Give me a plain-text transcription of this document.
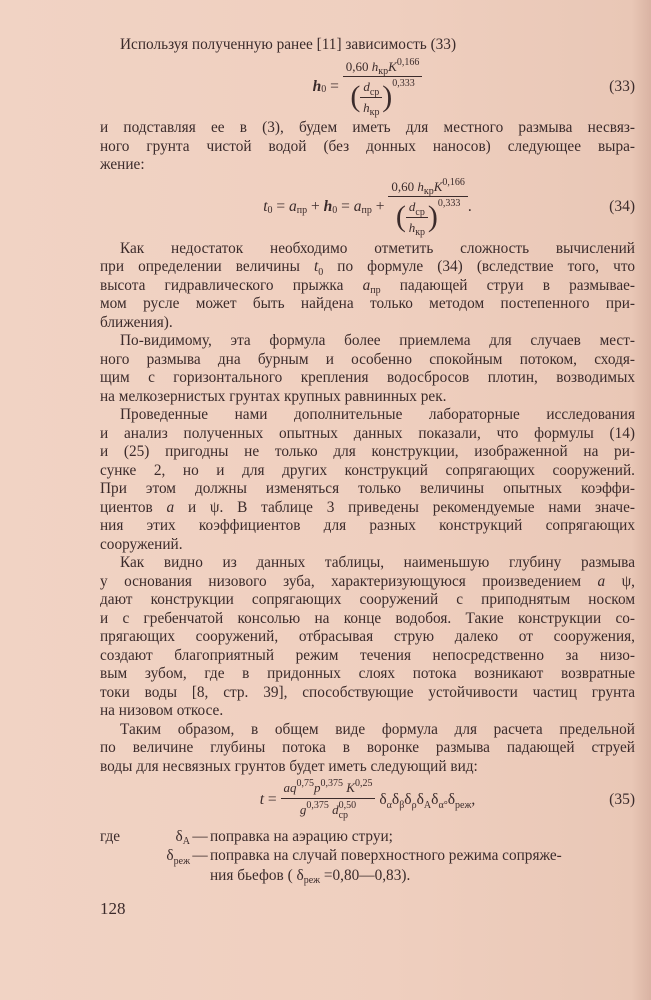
Используя полученную ранее [11] зависимость (33)
$h_0 = \frac{0,60 h_{кр}K^{0,166}}{( \frac{d_{ср}}{h_{кр}} ) 0,333}$	(33)
и подставляя ее в (3), будем иметь для местного размыва несвяз-
ного грунта чистой водой (без донных наносов) следующее выра-
жение:
$t_0 = a_{пр} + h_0 = a_{пр} + \frac{0,60 h_{кр}K^{0,166}}{( \frac{d_{ср}}{h_{кр}} ) 0,333}$ .	(34)
Как недостаток необходимо отметить сложность вычислений
при определении величины $t_0$ по формуле (34) (вследствие того, что
высота гидравлического прыжка $a_{пр}$ падающей струи в размывае-
мом русле может быть найдена только методом постепенного при-
ближения).
По-видимому, эта формула более приемлема для случаев мест-
ного размыва дна бурным и особенно спокойным потоком, сходя-
щим с горизонтального крепления водосбросов плотин, возводимых
на мелкозернистых грунтах крупных равнинных рек.
Проведенные нами дополнительные лабораторные исследования
и анализ полученных опытных данных показали, что формулы (14)
и (25) пригодны не только для конструкции, изображенной на ри-
сунке 2, но и для других конструкций сопрягающих сооружений.
При этом должны изменяться только величины опытных коэффи-
циентов a и ψ. В таблице 3 приведены рекомендуемые нами значе-
ния этих коэффициентов для разных конструкций сопрягающих
сооружений.
Как видно из данных таблицы, наименьшую глубину размыва
у основания низового зуба, характеризующуюся произведением a ψ,
дают конструкции сопрягающих сооружений с приподнятым носком
и с гребенчатой консолью на конце водобоя. Такие конструкции со-
прягающих сооружений, отбрасывая струю далеко от сооружения,
создают благоприятный режим течения непосредственно за низо-
вым зубом, где в придонных слоях потока возникают возвратные
токи воды [8, стр. 39], способствующие устойчивости частиц грунта
на низовом откосе.
Таким образом, в общем виде формула для расчета предельной
по величине глубины потока в воронке размыва падающей струей
воды для несвязных грунтов будет иметь следующий вид:
$t = aq^{0,75}p^{0,375}$ K$^{0,25}$
$g^{0,375}$ d 0,50
ср
$\delta_\alpha\delta_\beta\delta_\rho\delta_A\delta_{\alpha^\circ}\delta_{реж}$ ,	(35)
где	$\delta_A$ — поправка на аэрацию струи;
$\delta_{реж}$ — поправка на случай поверхностного режима сопряже-
ния бьефов ( $\delta_{реж}$ =0,80—0,83).
128
